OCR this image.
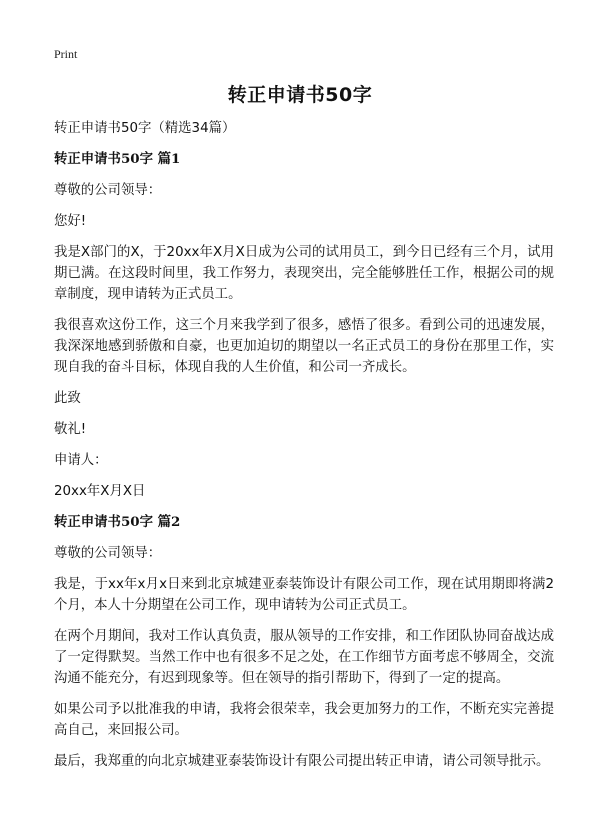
Print
转正申请书50字

转正申请书50字（精选34篇）

转正申请书50字 篇1

尊敬的公司领导：

您好!

我是X部门的X，于20xx年X月X日成为公司的试用员工，到今日已经有三个月，试用期已满。在这段时间里，我工作努力，表现突出，完全能够胜任工作，根据公司的规章制度，现申请转为正式员工。

我很喜欢这份工作，这三个月来我学到了很多，感悟了很多。看到公司的迅速发展，我深深地感到骄傲和自豪，也更加迫切的期望以一名正式员工的身份在那里工作，实现自我的奋斗目标，体现自我的人生价值，和公司一齐成长。

此致

敬礼!

申请人：

20xx年X月X日

转正申请书50字 篇2

尊敬的公司领导：

我是，于xx年x月x日来到北京城建亚泰装饰设计有限公司工作，现在试用期即将满2个月，本人十分期望在公司工作，现申请转为公司正式员工。

在两个月期间，我对工作认真负责，服从领导的工作安排，和工作团队协同奋战达成了一定得默契。当然工作中也有很多不足之处，在工作细节方面考虑不够周全，交流沟通不能充分，有迟到现象等。但在领导的指引帮助下，得到了一定的提高。

如果公司予以批准我的申请，我将会很荣幸，我会更加努力的工作，不断充实完善提高自己，来回报公司。

最后，我郑重的向北京城建亚泰装饰设计有限公司提出转正申请，请公司领导批示。
